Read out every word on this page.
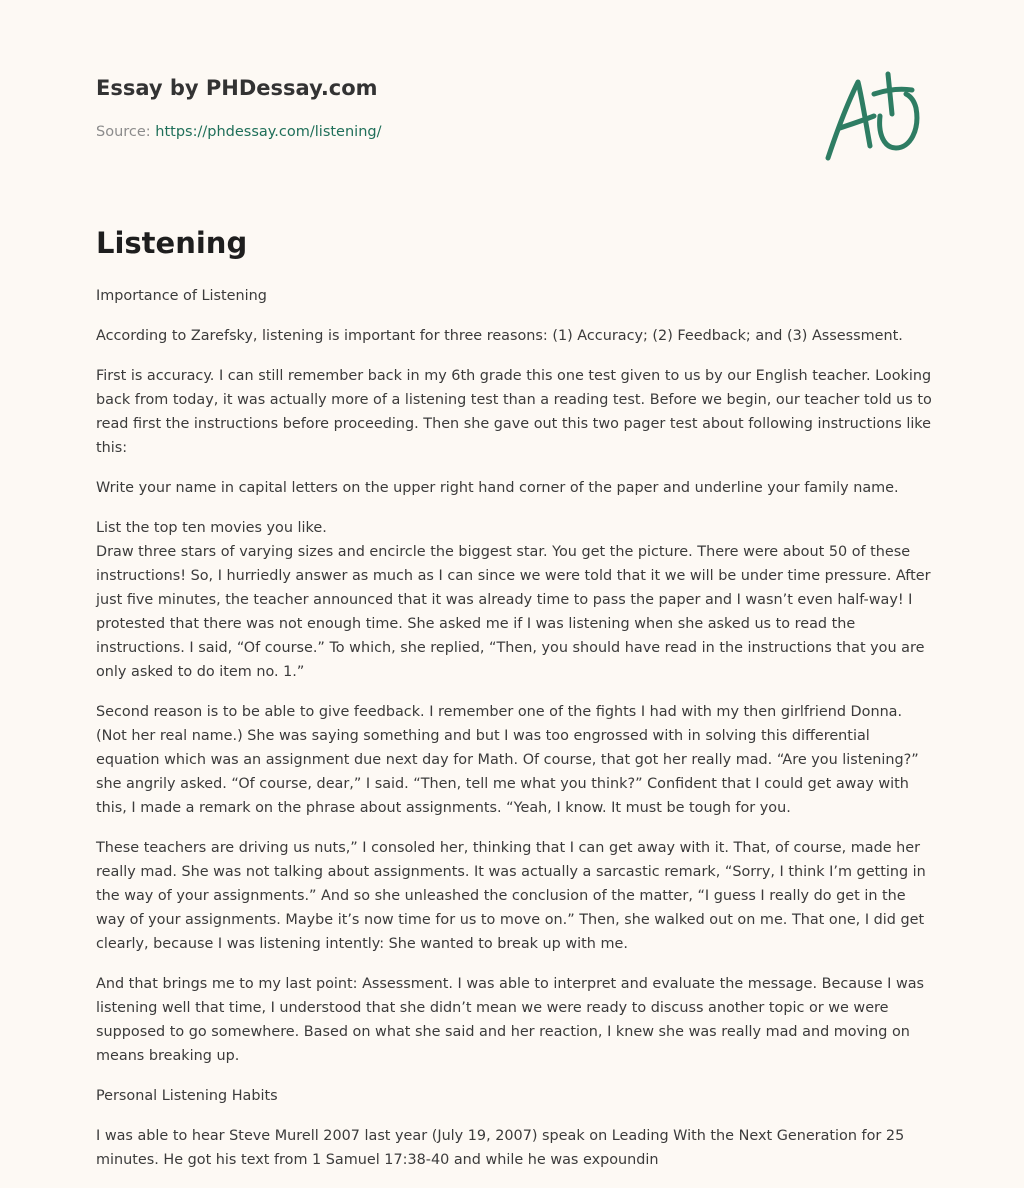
Essay by PHDessay.com
Source: https://phdessay.com/listening/
Listening

Importance of Listening

According to Zarefsky, listening is important for three reasons: (1) Accuracy; (2) Feedback; and (3) Assessment.

First is accuracy. I can still remember back in my 6th grade this one test given to us by our English teacher. Looking back from today, it was actually more of a listening test than a reading test. Before we begin, our teacher told us to read first the instructions before proceeding. Then she gave out this two pager test about following instructions like this:

Write your name in capital letters on the upper right hand corner of the paper and underline your family name.

List the top ten movies you like.

Draw three stars of varying sizes and encircle the biggest star. You get the picture. There were about 50 of these instructions! So, I hurriedly answer as much as I can since we were told that it we will be under time pressure. After just five minutes, the teacher announced that it was already time to pass the paper and I wasn’t even half-way! I protested that there was not enough time. She asked me if I was listening when she asked us to read the instructions. I said, “Of course.” To which, she replied, “Then, you should have read in the instructions that you are only asked to do item no. 1.”

Second reason is to be able to give feedback. I remember one of the fights I had with my then girlfriend Donna. (Not her real name.) She was saying something and but I was too engrossed with in solving this differential equation which was an assignment due next day for Math. Of course, that got her really mad. “Are you listening?” she angrily asked. “Of course, dear,” I said. “Then, tell me what you think?” Confident that I could get away with this, I made a remark on the phrase about assignments. “Yeah, I know. It must be tough for you.

These teachers are driving us nuts,” I consoled her, thinking that I can get away with it. That, of course, made her really mad. She was not talking about assignments. It was actually a sarcastic remark, “Sorry, I think I’m getting in the way of your assignments.” And so she unleashed the conclusion of the matter, “I guess I really do get in the way of your assignments. Maybe it’s now time for us to move on.” Then, she walked out on me. That one, I did get clearly, because I was listening intently: She wanted to break up with me.

And that brings me to my last point: Assessment. I was able to interpret and evaluate the message. Because I was listening well that time, I understood that she didn’t mean we were ready to discuss another topic or we were supposed to go somewhere. Based on what she said and her reaction, I knew she was really mad and moving on means breaking up.

Personal Listening Habits

I was able to hear Steve Murell 2007 last year (July 19, 2007) speak on Leading With the Next Generation for 25 minutes. He got his text from 1 Samuel 17:38-40 and while he was expoundin
